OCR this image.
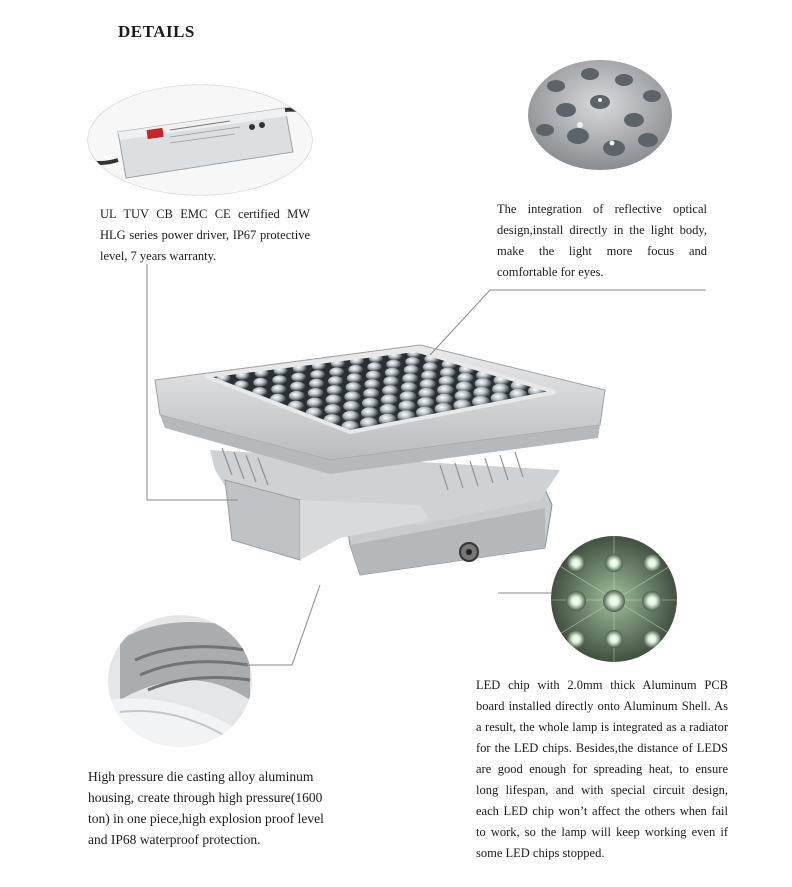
DETAILS
UL TUV CB EMC CE certified MW HLG series power driver, IP67 protective level, 7 years warranty.
The integration of reflective optical design,install directly in the light body, make the light more focus and comfortable for eyes.
High pressure die casting alloy aluminum housing, create through high pressure(1600 ton) in one piece,high explosion proof level and IP68 waterproof protection.
LED chip with 2.0mm thick Aluminum PCB board installed directly onto Aluminum Shell. As a result, the whole lamp is integrated as a radiator for the LED chips. Besides,the distance of LEDS are good enough for spreading heat, to ensure long lifespan, and with special circuit design, each LED chip won’t affect the others when fail to work, so the lamp will keep working even if some LED chips stopped.
